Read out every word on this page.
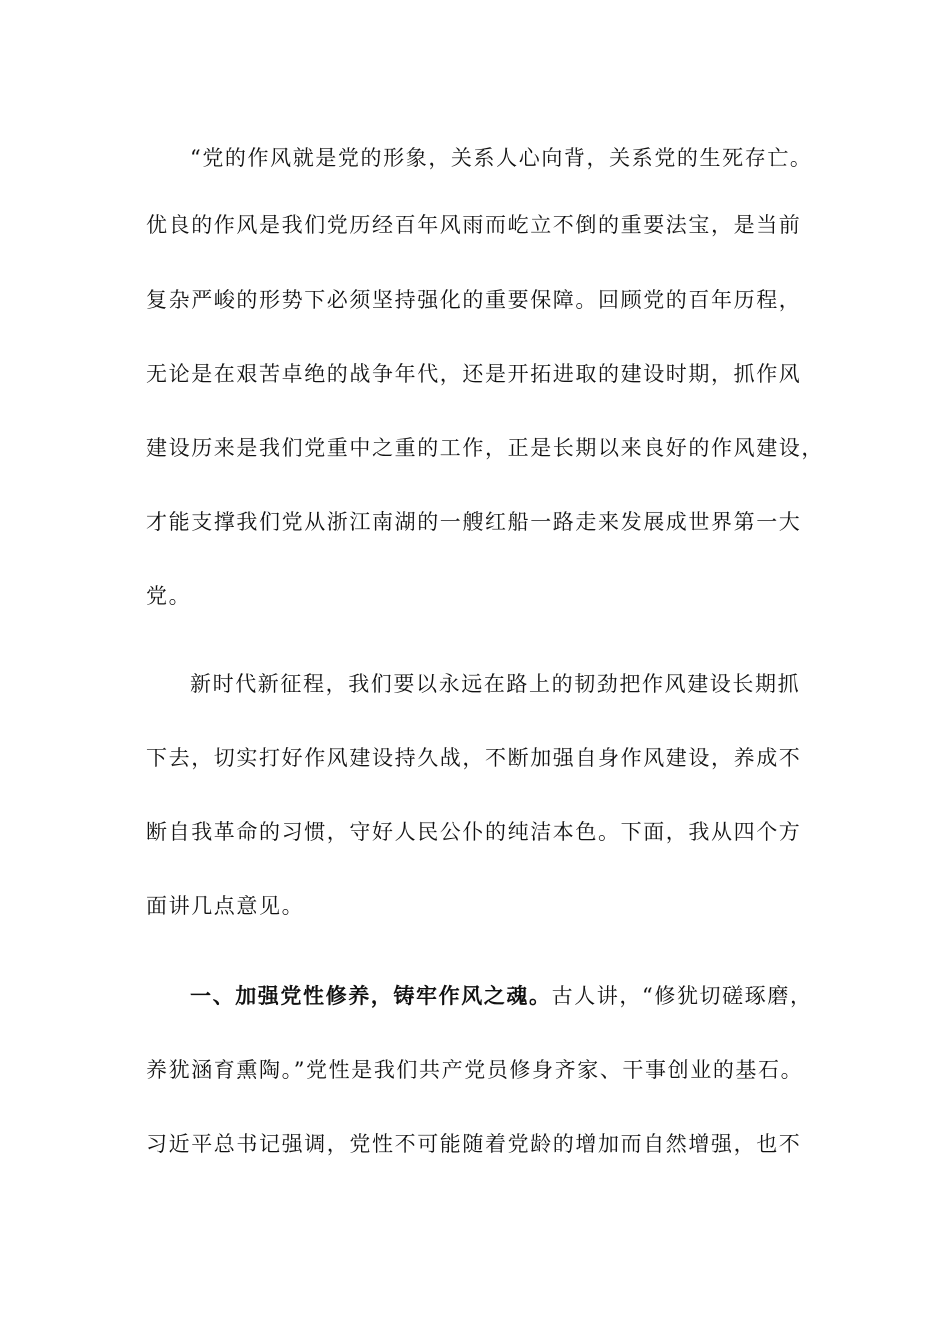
“党的作风就是党的形象，关系人心向背，关系党的生死存亡。
优良的作风是我们党历经百年风雨而屹立不倒的重要法宝，是当前
复杂严峻的形势下必须坚持强化的重要保障。回顾党的百年历程，
无论是在艰苦卓绝的战争年代，还是开拓进取的建设时期，抓作风
建设历来是我们党重中之重的工作，正是长期以来良好的作风建设，
才能支撑我们党从浙江南湖的一艘红船一路走来发展成世界第一大
党。
新时代新征程，我们要以永远在路上的韧劲把作风建设长期抓
下去，切实打好作风建设持久战，不断加强自身作风建设，养成不
断自我革命的习惯，守好人民公仆的纯洁本色。下面，我从四个方
面讲几点意见。
一、加强党性修养，铸牢作风之魂。古人讲，“修犹切磋琢磨，
养犹涵育熏陶。”党性是我们共产党员修身齐家、干事创业的基石。
习近平总书记强调，党性不可能随着党龄的增加而自然增强，也不
